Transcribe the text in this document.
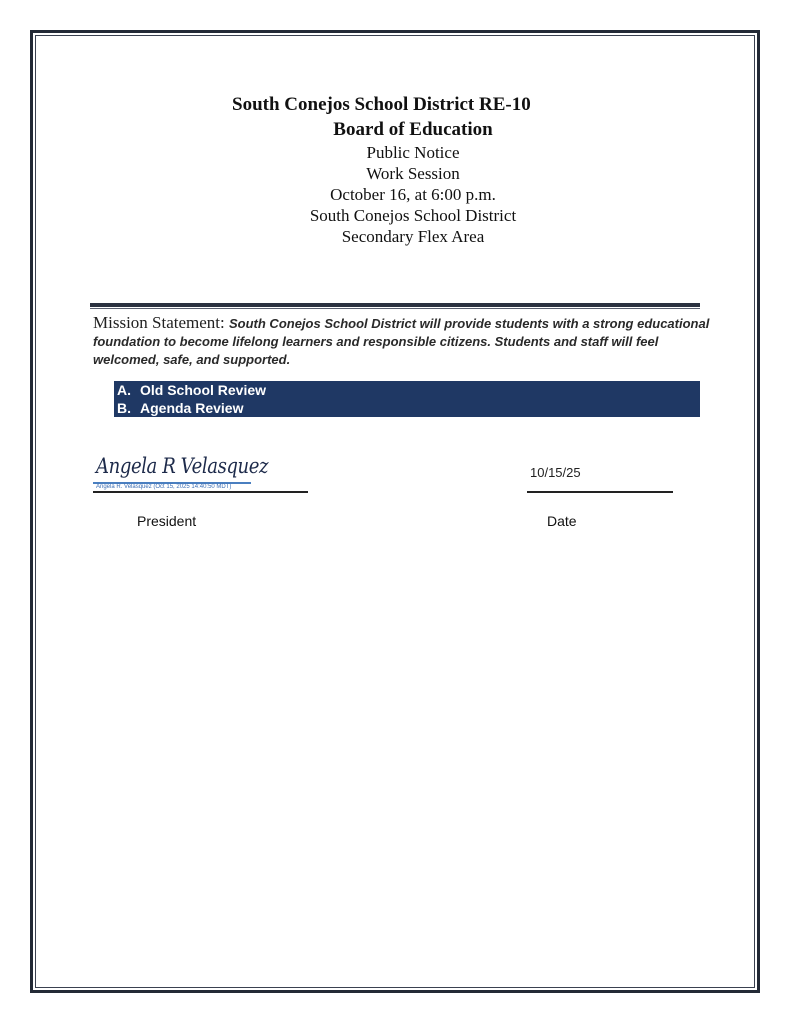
South Conejos School District RE-10
Board of Education
Public Notice
Work Session
October 16, at 6:00 p.m.
South Conejos School District
Secondary Flex Area
Mission Statement: South Conejos School District will provide students with a strong educational foundation to become lifelong learners and responsible citizens. Students and staff will feel welcomed, safe, and supported.
A. Old School Review
B. Agenda Review
Angela R Velasquez
Angela R. Velasquez (Oct 15, 2025 14:40:50 MDT)
10/15/25
President	Date
